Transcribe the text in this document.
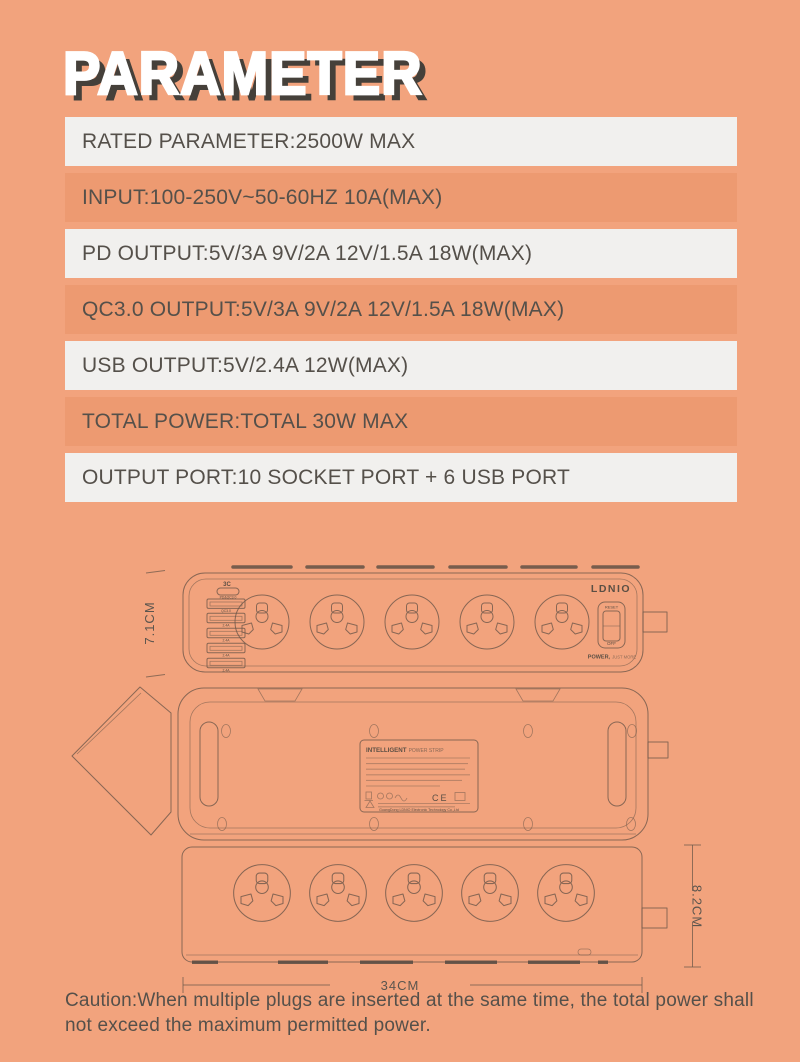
PARAMETER
RATED PARAMETER:2500W MAX
INPUT:100-250V~50-60HZ 10A(MAX)
PD OUTPUT:5V/3A 9V/2A 12V/1.5A 18W(MAX)
QC3.0 OUTPUT:5V/3A 9V/2A 12V/1.5A 18W(MAX)
USB OUTPUT:5V/2.4A 12W(MAX)
TOTAL POWER:TOTAL 30W MAX
OUTPUT PORT:10 SOCKET PORT + 6 USB PORT
3C
PD&QC3.0
QC3.0
2.4A
2.4A
2.4A
2.4A
LDNIO
RESET
OFF
POWER, JUST MORE
7.1CM
INTELLIGENT POWER STRIP
CE
GuangDong LDNIO Electronic Technology Co.,Ltd
34CM
8.2CM
Caution:When multiple plugs are inserted at the same time, the total power shall not exceed the maximum permitted power.
